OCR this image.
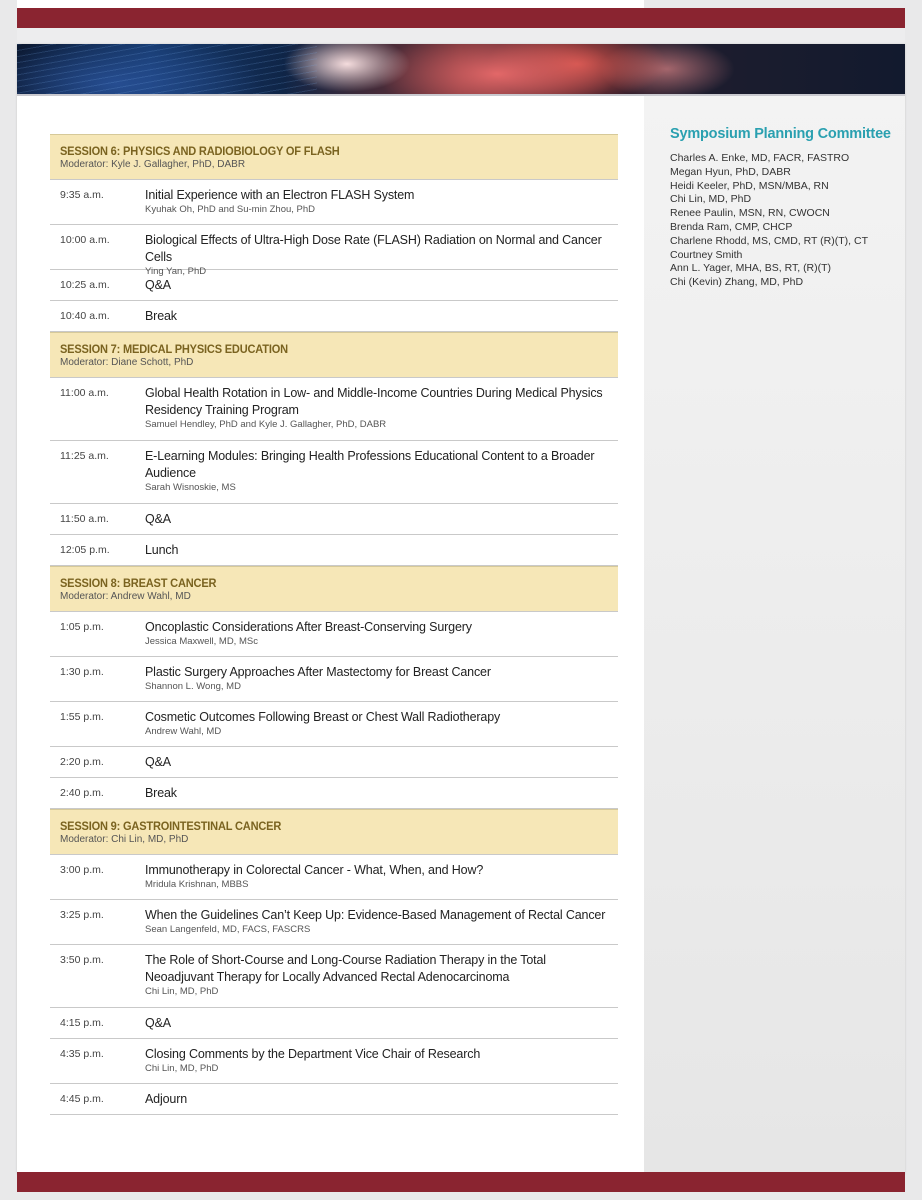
Symposium Planning Committee
Charles A. Enke, MD, FACR, FASTRO
Megan Hyun, PhD, DABR
Heidi Keeler, PhD, MSN/MBA, RN
Chi Lin, MD, PhD
Renee Paulin, MSN, RN, CWOCN
Brenda Ram, CMP, CHCP
Charlene Rhodd, MS, CMD, RT (R)(T), CT
Courtney Smith
Ann L. Yager, MHA, BS, RT, (R)(T)
Chi (Kevin) Zhang, MD, PhD
SESSION 6: PHYSICS AND RADIOBIOLOGY OF FLASH
Moderator: Kyle J. Gallagher, PhD, DABR
9:35 a.m.	Initial Experience with an Electron FLASH System
Kyuhak Oh, PhD and Su-min Zhou, PhD
10:00 a.m.	Biological Effects of Ultra-High Dose Rate (FLASH) Radiation on Normal and Cancer Cells
Ying Yan, PhD
10:25 a.m.	Q&A
10:40 a.m.	Break
SESSION 7: MEDICAL PHYSICS EDUCATION
Moderator: Diane Schott, PhD
11:00 a.m.	Global Health Rotation in Low- and Middle-Income Countries During Medical Physics Residency Training Program
Samuel Hendley, PhD and Kyle J. Gallagher, PhD, DABR
11:25 a.m.	E-Learning Modules: Bringing Health Professions Educational Content to a Broader Audience
Sarah Wisnoskie, MS
11:50 a.m.	Q&A
12:05 p.m.	Lunch
SESSION 8: BREAST CANCER
Moderator: Andrew Wahl, MD
1:05 p.m.	Oncoplastic Considerations After Breast-Conserving Surgery
Jessica Maxwell, MD, MSc
1:30 p.m.	Plastic Surgery Approaches After Mastectomy for Breast Cancer
Shannon L. Wong, MD
1:55 p.m.	Cosmetic Outcomes Following Breast or Chest Wall Radiotherapy
Andrew Wahl, MD
2:20 p.m.	Q&A
2:40 p.m.	Break
SESSION 9: GASTROINTESTINAL CANCER
Moderator: Chi Lin, MD, PhD
3:00 p.m.	Immunotherapy in Colorectal Cancer - What, When, and How?
Mridula Krishnan, MBBS
3:25 p.m.	When the Guidelines Can’t Keep Up: Evidence-Based Management of Rectal Cancer
Sean Langenfeld, MD, FACS, FASCRS
3:50 p.m.	The Role of Short-Course and Long-Course Radiation Therapy in the Total Neoadjuvant Therapy for Locally Advanced Rectal Adenocarcinoma
Chi Lin, MD, PhD
4:15 p.m.	Q&A
4:35 p.m.	Closing Comments by the Department Vice Chair of Research
Chi Lin, MD, PhD
4:45 p.m.	Adjourn
